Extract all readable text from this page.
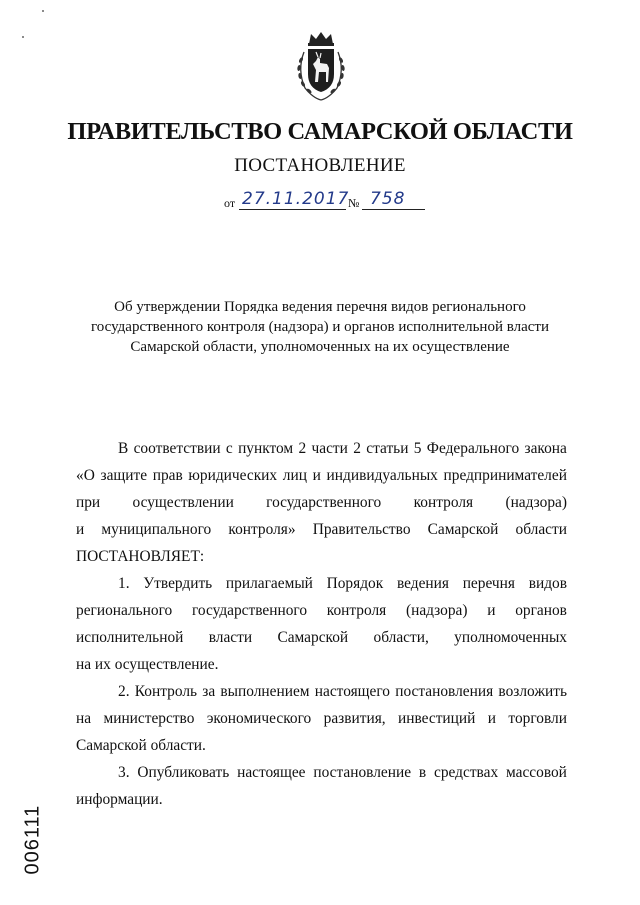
ПРАВИТЕЛЬСТВО САМАРСКОЙ ОБЛАСТИ
ПОСТАНОВЛЕНИЕ
от 27.11.2017
№ 758
Об утверждении Порядка ведения перечня видов регионального
государственного контроля (надзора) и органов исполнительной власти
Самарской области, уполномоченных на их осуществление
В соответствии с пунктом 2 части 2 статьи 5 Федерального закона
«О защите прав юридических лиц и индивидуальных предпринимателей
при осуществлении государственного контроля (надзора)
и муниципального контроля» Правительство Самарской области
ПОСТАНОВЛЯЕТ:
1. Утвердить прилагаемый Порядок ведения перечня видов
регионального государственного контроля (надзора) и органов
исполнительной власти Самарской области, уполномоченных
на их осуществление.
2. Контроль за выполнением настоящего постановления возложить
на министерство экономического развития, инвестиций и торговли
Самарской области.
3. Опубликовать настоящее постановление в средствах массовой
информации.
006111
